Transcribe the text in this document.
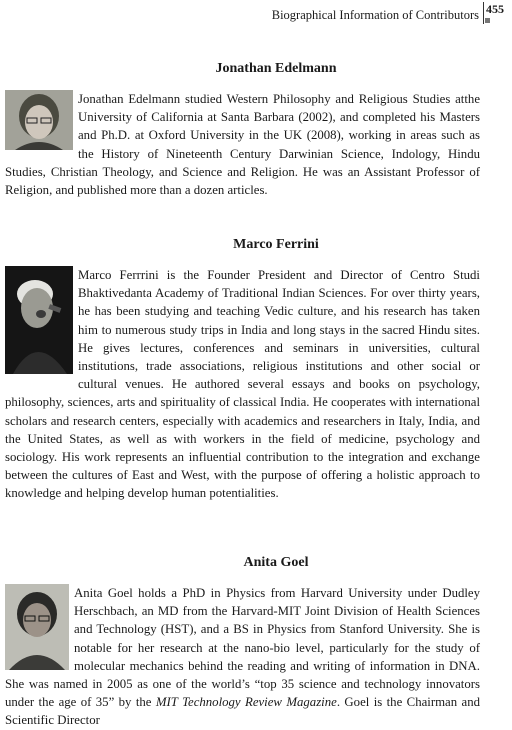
Biographical Information of Contributors 455
Jonathan Edelmann
Jonathan Edelmann studied Western Philosophy and Religious Studies atthe University of California at Santa Barbara (2002), and completed his Masters and Ph.D. at Oxford University in the UK (2008), working in areas such as the History of Nineteenth Century Darwinian Science, Indology, Hindu Studies, Christian Theology, and Science and Religion. He was an Assistant Professor of Religion, and published more than a dozen articles.
Marco Ferrini
Marco Ferrrini is the Founder President and Director of Centro Studi Bhaktivedanta Academy of Traditional Indian Sciences. For over thirty years, he has been studying and teaching Vedic culture, and his research has taken him to numerous study trips in India and long stays in the sacred Hindu sites. He gives lectures, conferences and seminars in universities, cultural institutions, trade associations, religious institutions and other social or cultural venues. He authored several essays and books on psychology, philosophy, sciences, arts and spirituality of classical India. He cooperates with international scholars and research centers, especially with academics and researchers in Italy, India, and the United States, as well as with workers in the field of medicine, psychology and sociology. His work represents an influential contribution to the integration and exchange between the cultures of East and West, with the purpose of offering a holistic approach to knowledge and helping develop human potentialities.
Anita Goel
Anita Goel holds a PhD in Physics from Harvard University under Dudley Herschbach, an MD from the Harvard-MIT Joint Division of Health Sciences and Technology (HST), and a BS in Physics from Stanford University. She is notable for her research at the nano-bio level, particularly for the study of molecular mechanics behind the reading and writing of information in DNA. She was named in 2005 as one of the world’s “top 35 science and technology innovators under the age of 35” by the MIT Technology Review Magazine. Goel is the Chairman and Scientific Director
